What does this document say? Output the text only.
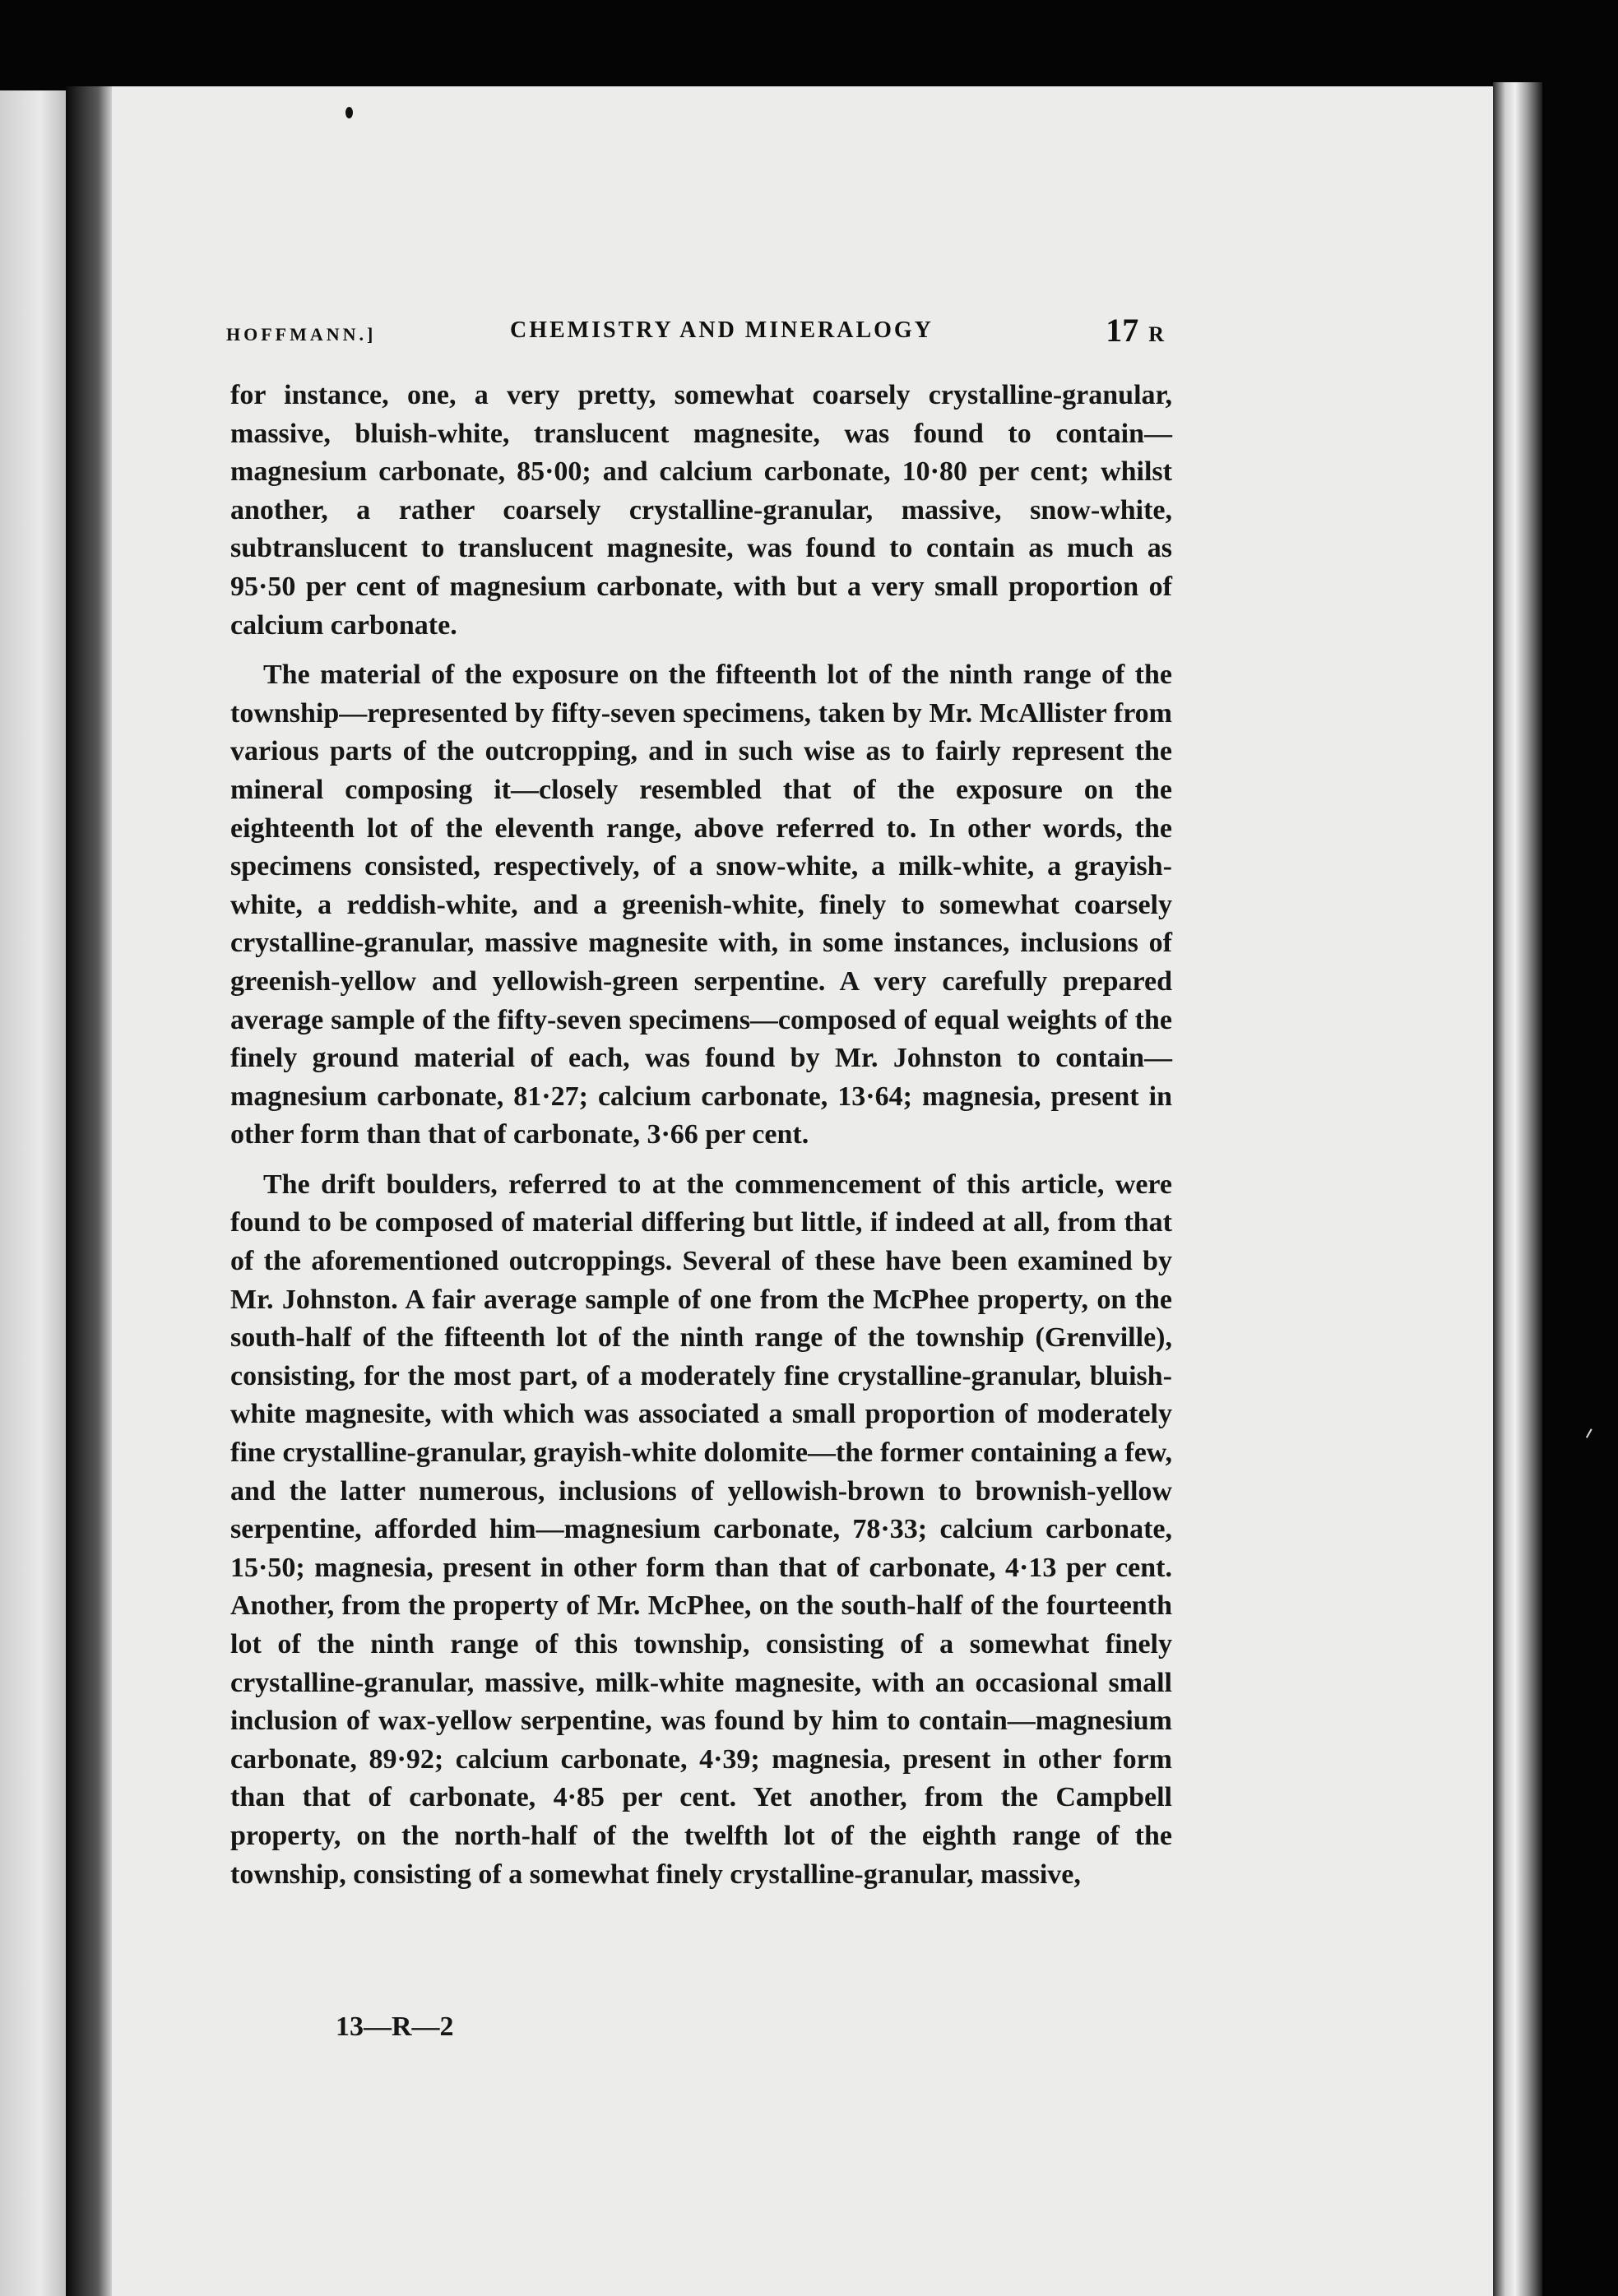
HOFFMANN.]	CHEMISTRY AND MINERALOGY	17 R

for instance, one, a very pretty, somewhat coarsely crystalline-granular, massive, bluish-white, translucent magnesite, was found to contain—magnesium carbonate, 85·00; and calcium carbonate, 10·80 per cent; whilst another, a rather coarsely crystalline-granular, massive, snow-white, subtranslucent to translucent magnesite, was found to contain as much as 95·50 per cent of magnesium carbonate, with but a very small proportion of calcium carbonate.

The material of the exposure on the fifteenth lot of the ninth range of the township—represented by fifty-seven specimens, taken by Mr. McAllister from various parts of the outcropping, and in such wise as to fairly represent the mineral composing it—closely resembled that of the exposure on the eighteenth lot of the eleventh range, above referred to. In other words, the specimens consisted, respectively, of a snow-white, a milk-white, a grayish-white, a reddish-white, and a greenish-white, finely to somewhat coarsely crystalline-granular, massive magnesite with, in some instances, inclusions of greenish-yellow and yellowish-green serpentine. A very carefully prepared average sample of the fifty-seven specimens—composed of equal weights of the finely ground material of each, was found by Mr. Johnston to contain—magnesium carbonate, 81·27; calcium carbonate, 13·64; magnesia, present in other form than that of carbonate, 3·66 per cent.

The drift boulders, referred to at the commencement of this article, were found to be composed of material differing but little, if indeed at all, from that of the aforementioned outcroppings. Several of these have been examined by Mr. Johnston. A fair average sample of one from the McPhee property, on the south-half of the fifteenth lot of the ninth range of the township (Grenville), consisting, for the most part, of a moderately fine crystalline-granular, bluish-white magnesite, with which was associated a small proportion of moderately fine crystalline-granular, grayish-white dolomite—the former containing a few, and the latter numerous, inclusions of yellowish-brown to brownish-yellow serpentine, afforded him—magnesium carbonate, 78·33; calcium carbonate, 15·50; magnesia, present in other form than that of carbonate, 4·13 per cent. Another, from the property of Mr. McPhee, on the south-half of the fourteenth lot of the ninth range of this township, consisting of a somewhat finely crystalline-granular, massive, milk-white magnesite, with an occasional small inclusion of wax-yellow serpentine, was found by him to contain—magnesium carbonate, 89·92; calcium carbonate, 4·39; magnesia, present in other form than that of carbonate, 4·85 per cent. Yet another, from the Campbell property, on the north-half of the twelfth lot of the eighth range of the township, consisting of a somewhat finely crystalline-granular, massive,

13—R—2
